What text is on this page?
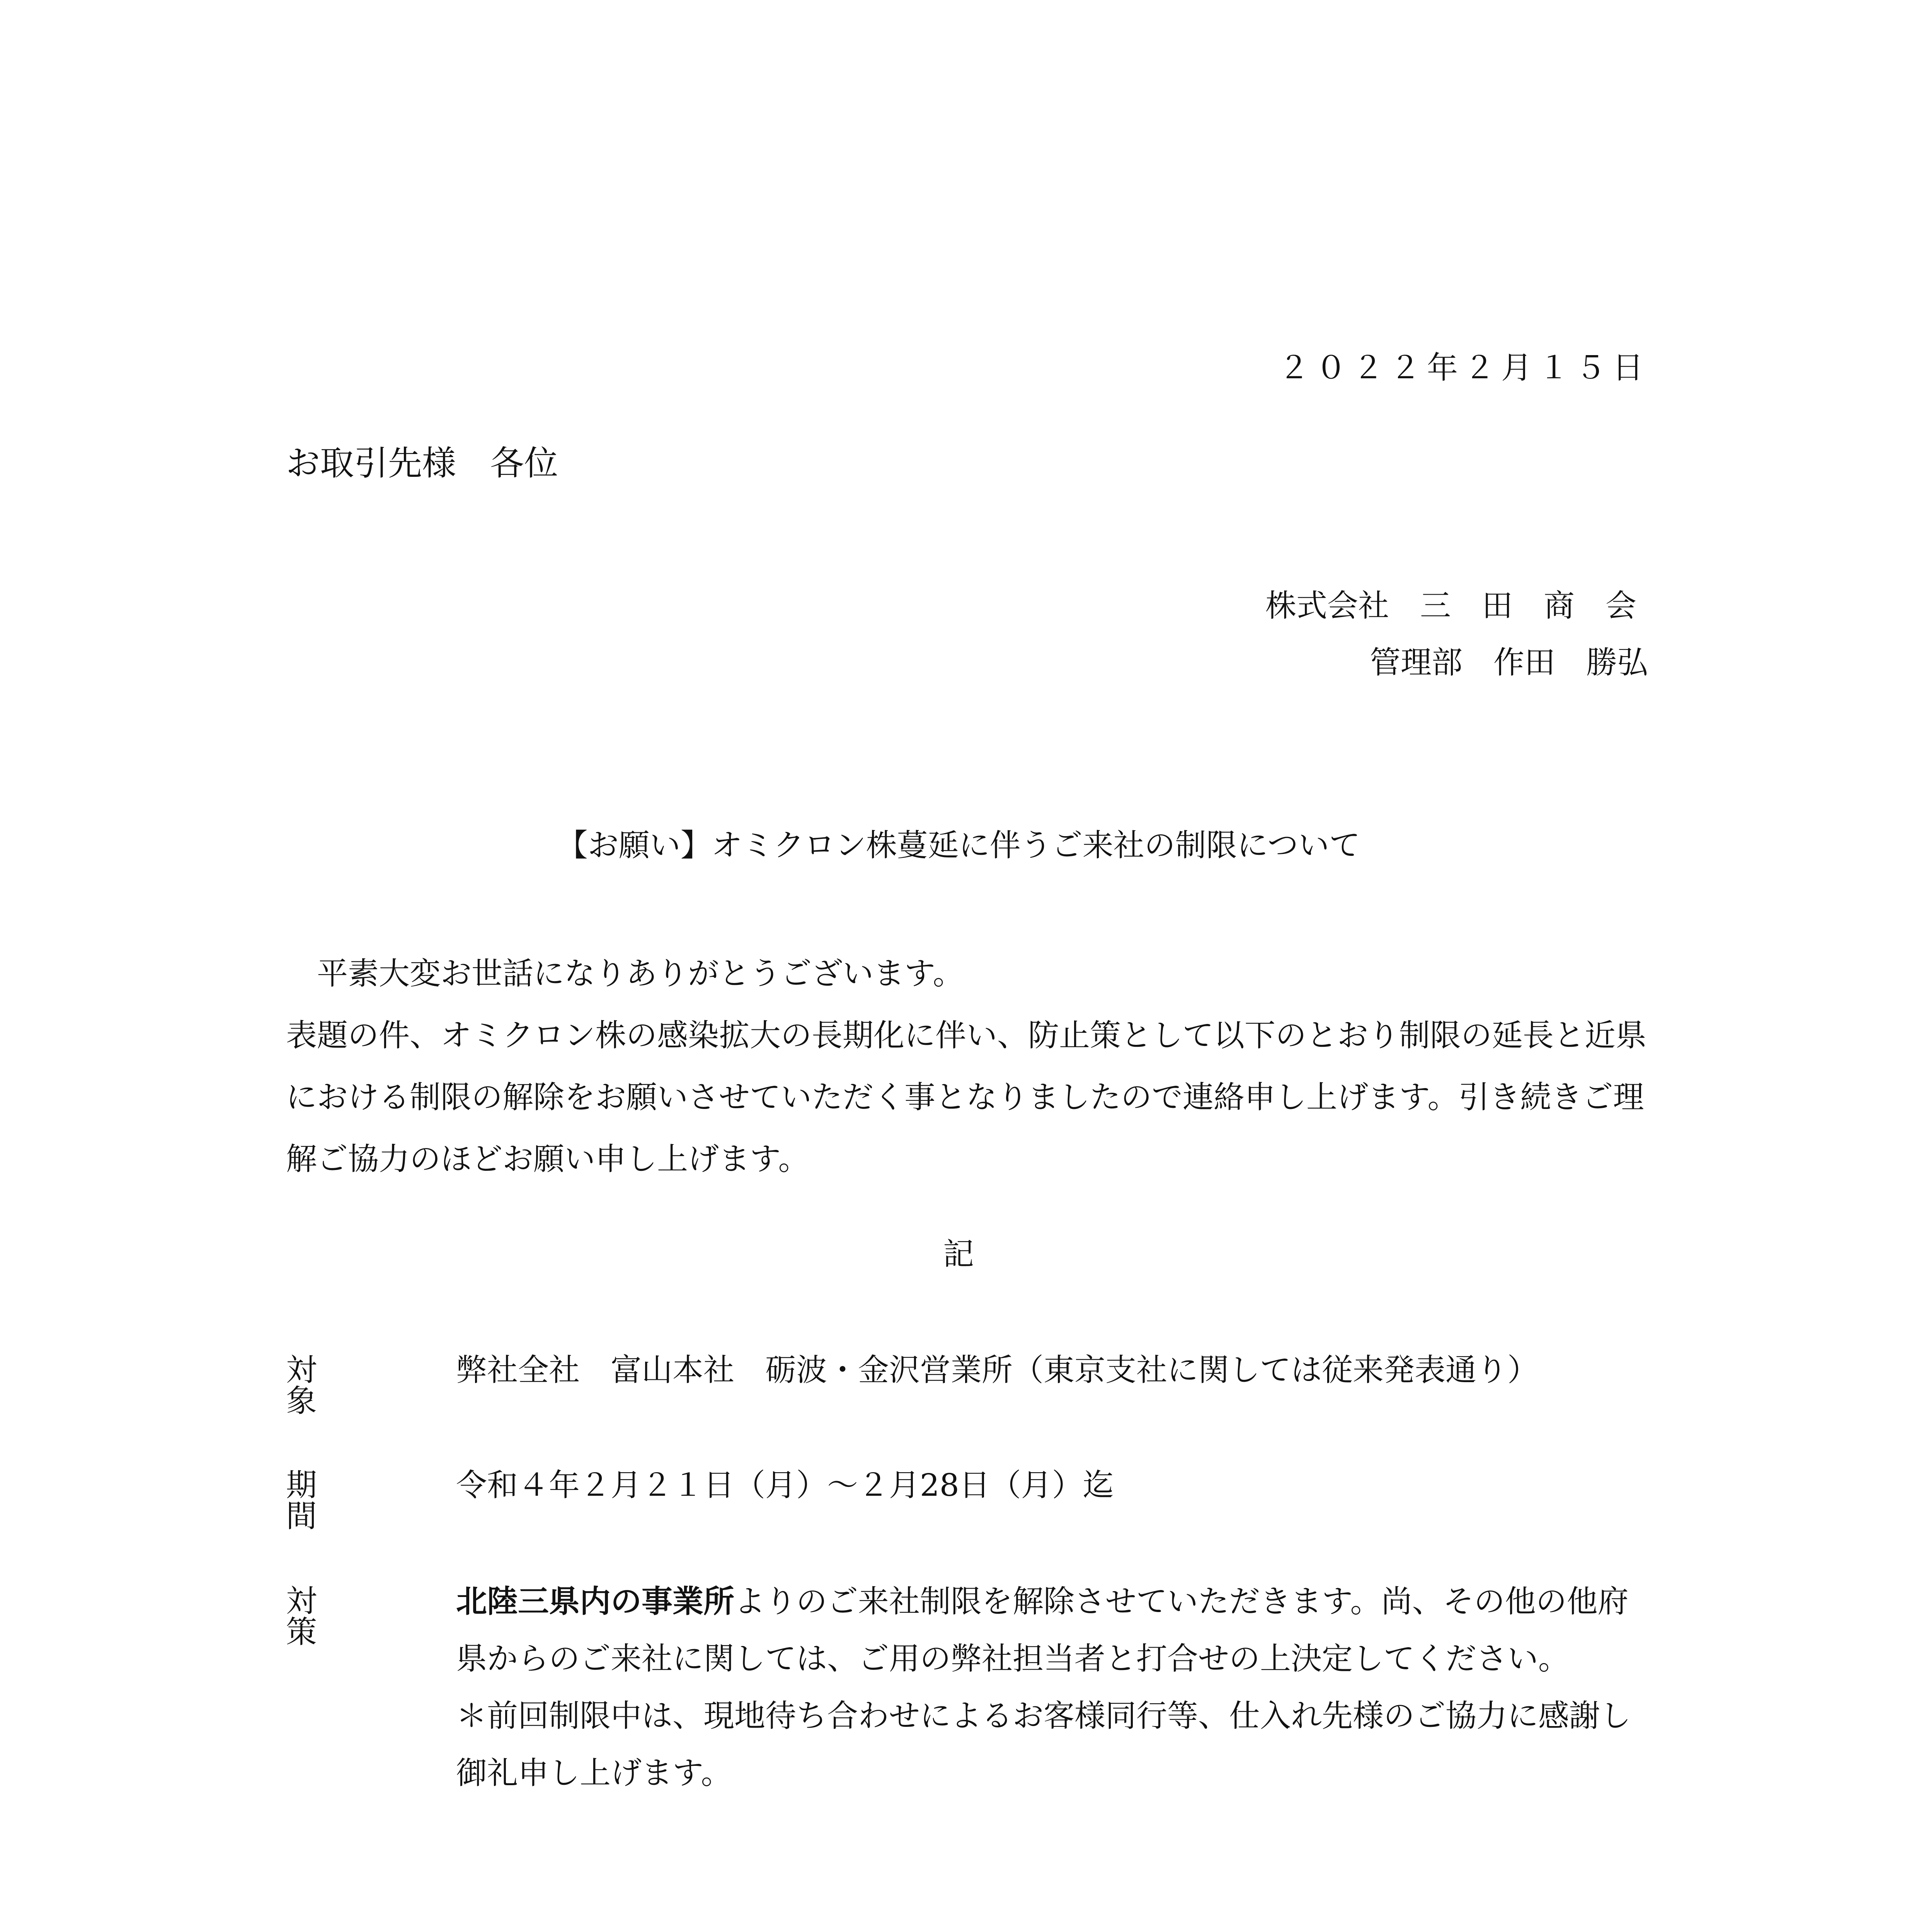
２０２２年２月１５日
お取引先様　各位
株式会社　三　田　商　会
管理部　作田　勝弘
【お願い】オミクロン株蔓延に伴うご来社の制限について

平素大変お世話になりありがとうございます。

表題の件、オミクロン株の感染拡大の長期化に伴い、防止策として以下のとおり制限の延長と近県における制限の解除をお願いさせていただく事となりましたので連絡申し上げます。引き続きご理解ご協力のほどお願い申し上げます。

記
対象
弊社全社　富山本社　砺波・金沢営業所（東京支社に関しては従来発表通り）
期間
令和４年２月２１日（月）～２月28日（月）迄
対策

北陸三県内の事業所よりのご来社制限を解除させていただきます。尚、その他の他府県からのご来社に関しては、ご用の弊社担当者と打合せの上決定してください。

＊前回制限中は、現地待ち合わせによるお客様同行等、仕入れ先様のご協力に感謝し御礼申し上げます。
